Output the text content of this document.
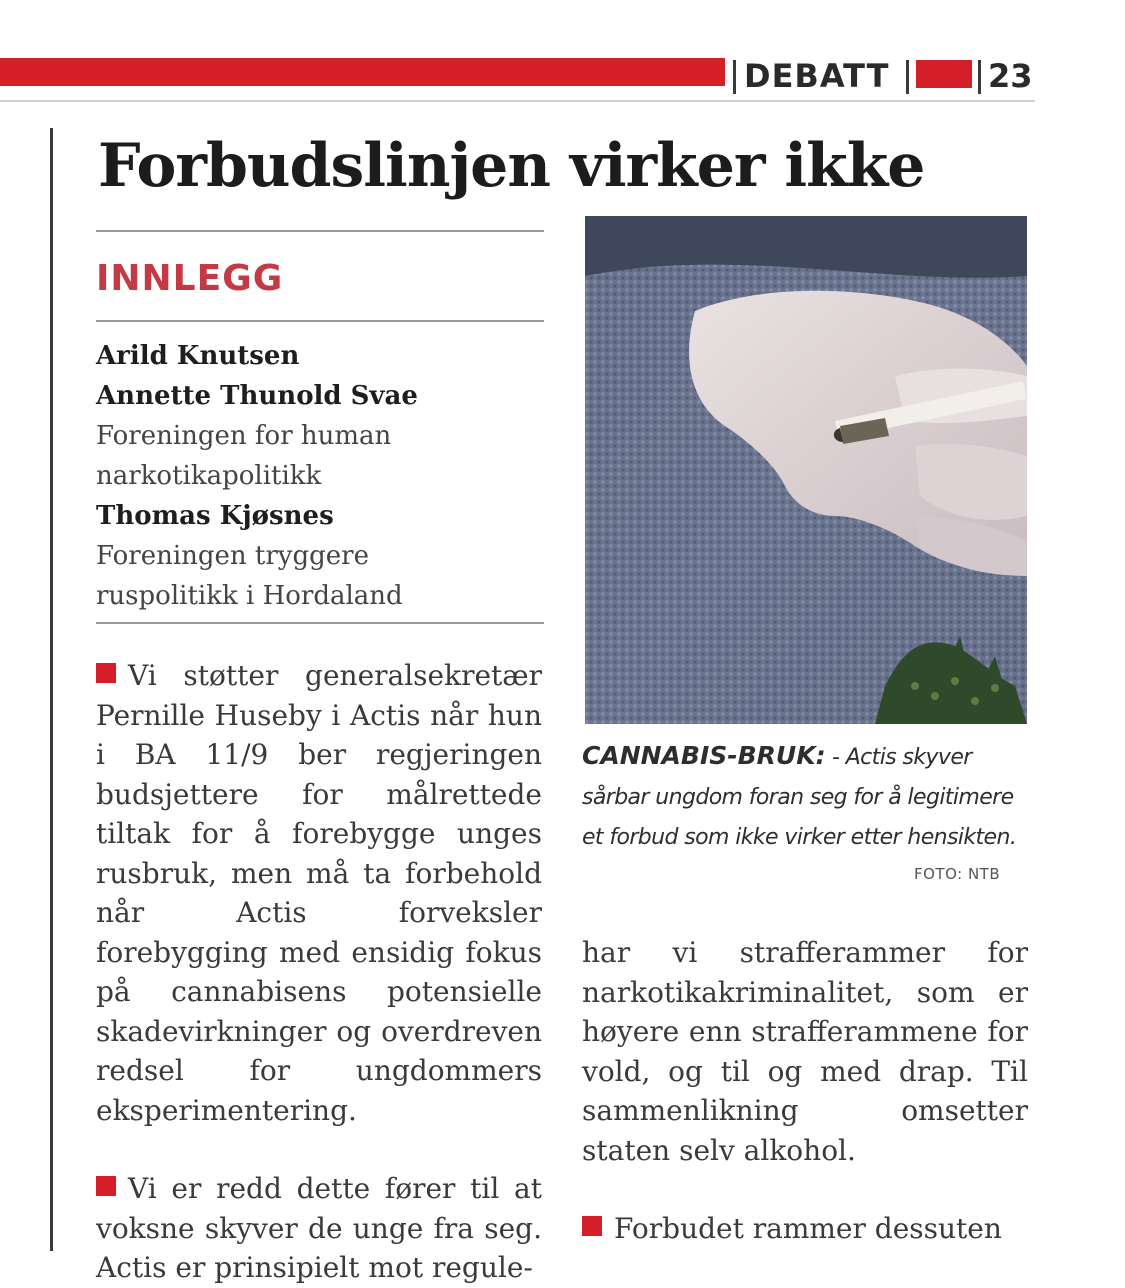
DEBATT	23
Forbudslinjen virker ikke
INNLEGG
Arild Knutsen
Annette Thunold Svae
Foreningen for human
narkotikapolitikk
Thomas Kjøsnes
Foreningen tryggere
ruspolitikk i Hordaland

Vi støtter generalsekretær Pernille Huseby i Actis når hun i BA 11/9 ber regjeringen budsjettere for målrettede tiltak for å forebygge unges rusbruk, men må ta forbehold når Actis forveksler forebygging med ensidig fokus på cannabisens potensielle skadevirkninger og overdreven redsel for ungdommers eksperimentering.

Vi er redd dette fører til at voksne skyver de unge fra seg. Actis er prinsipielt mot regule-

CANNABIS-BRUK: - Actis skyver sårbar ungdom foran seg for å legitimere et forbud som ikke virker etter hensikten.
FOTO: NTB

har vi strafferammer for narkotikakriminalitet, som er høyere enn strafferammene for vold, og til og med drap. Til sammenlikning omsetter staten selv alkohol.

Forbudet rammer dessuten
